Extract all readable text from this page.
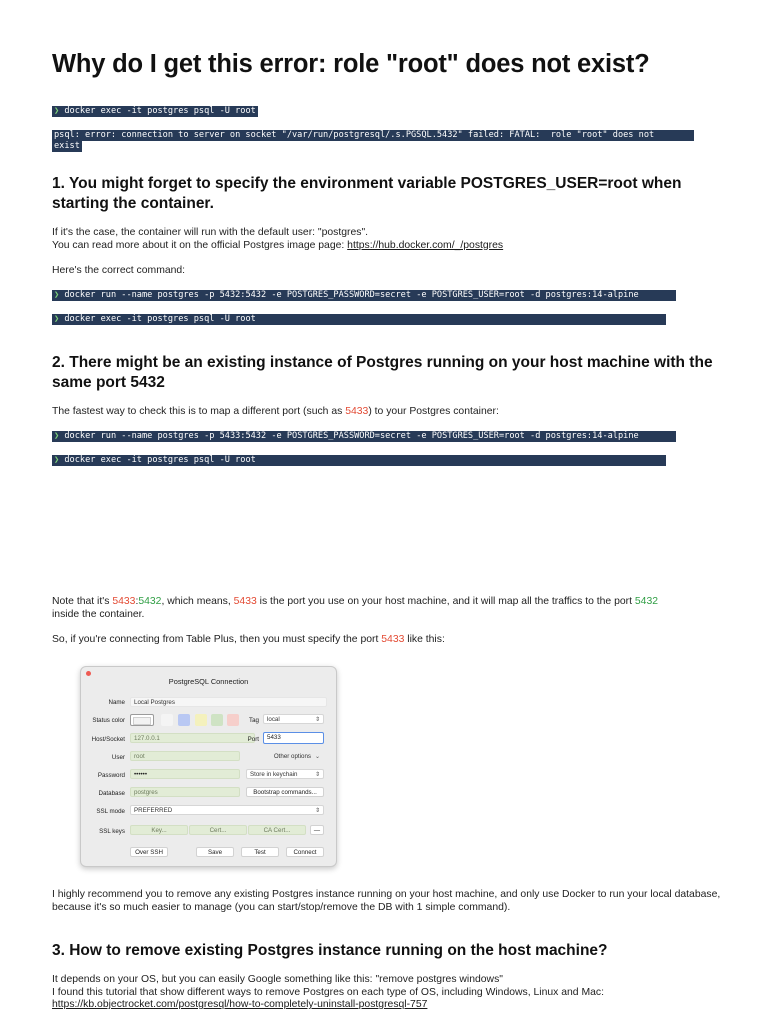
Why do I get this error: role "root" does not exist?
❯ docker exec -it postgres psql -U root
psql: error: connection to server on socket "/var/run/postgresql/.s.PGSQL.5432" failed: FATAL:  role "root" does not
exist
1. You might forget to specify the environment variable POSTGRES_USER=root when starting the container.
If it's the case, the container will run with the default user: "postgres".
You can read more about it on the official Postgres image page: https://hub.docker.com/_/postgres
Here's the correct command:
❯ docker run --name postgres -p 5432:5432 -e POSTGRES_PASSWORD=secret -e POSTGRES_USER=root -d postgres:14-alpine
❯ docker exec -it postgres psql -U root
2. There might be an existing instance of Postgres running on your host machine with the same port 5432
The fastest way to check this is to map a different port (such as 5433) to your Postgres container:
❯ docker run --name postgres -p 5433:5432 -e POSTGRES_PASSWORD=secret -e POSTGRES_USER=root -d postgres:14-alpine
❯ docker exec -it postgres psql -U root
Note that it's 5433:5432, which means, 5433 is the port you use on your host machine, and it will map all the traffics to the port 5432
inside the container.
So, if you're connecting from Table Plus, then you must specify the port 5433 like this:
PostgreSQL Connection
Name	Local Postgres
Status color	Tag	local	⇕
Host/Socket	127.0.0.1	Port	5433
User	root	Other options ⌄
Password	••••••	Store in keychain	⇕
Database	postgres	Bootstrap commands...
SSL mode	PREFERRED	⇕
SSL keys	Key...	Cert...	CA Cert...	—
Over SSH	Save	Test	Connect
I highly recommend you to remove any existing Postgres instance running on your host machine, and only use Docker to run your local database, because it's so much easier to manage (you can start/stop/remove the DB with 1 simple command).
3. How to remove existing Postgres instance running on the host machine?
It depends on your OS, but you can easily Google something like this: "remove postgres windows"
I found this tutorial that show different ways to remove Postgres on each type of OS, including Windows, Linux and Mac:
https://kb.objectrocket.com/postgresql/how-to-completely-uninstall-postgresql-757
